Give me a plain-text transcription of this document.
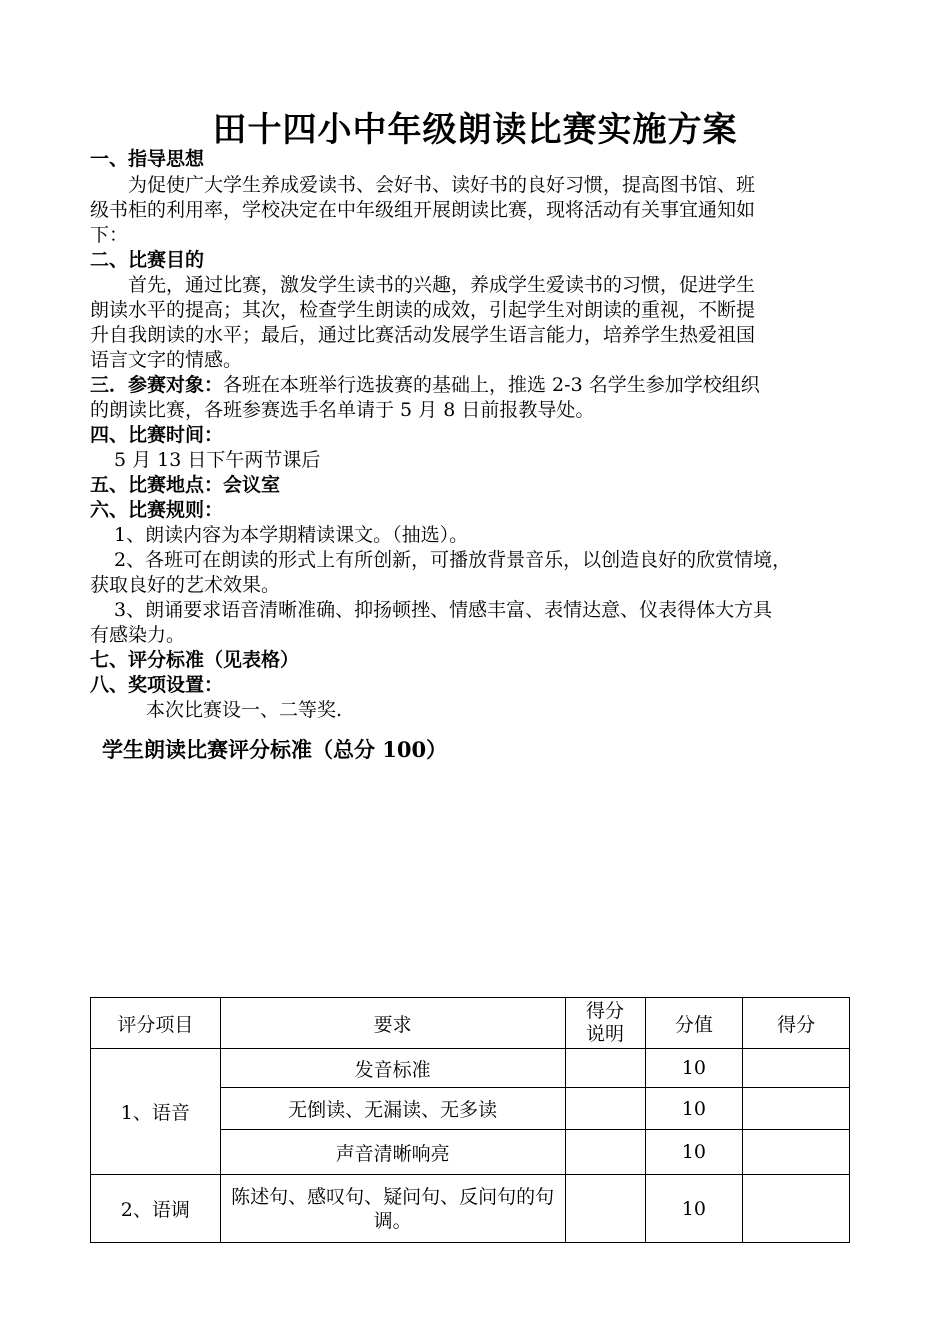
田十四小中年级朗读比赛实施方案
一、指导思想
为促使广大学生养成爱读书、会好书、读好书的良好习惯，提高图书馆、班
级书柜的利用率，学校决定在中年级组开展朗读比赛，现将活动有关事宜通知如
下：
二、比赛目的
首先，通过比赛，激发学生读书的兴趣，养成学生爱读书的习惯，促进学生
朗读水平的提高；其次，检查学生朗读的成效，引起学生对朗读的重视，不断提
升自我朗读的水平；最后，通过比赛活动发展学生语言能力，培养学生热爱祖国
语言文字的情感。
三．参赛对象：各班在本班举行选拔赛的基础上，推选 2-3 名学生参加学校组织
的朗读比赛，各班参赛选手名单请于 5 月 8 日前报教导处。
四、比赛时间：
5 月 13 日下午两节课后
五、比赛地点：会议室
六、比赛规则：
1、朗读内容为本学期精读课文。（抽选）。
2、各班可在朗读的形式上有所创新，可播放背景音乐，以创造良好的欣赏情境，
获取良好的艺术效果。
3、朗诵要求语音清晰准确、抑扬顿挫、情感丰富、表情达意、仪表得体大方具
有感染力。
七、评分标准（见表格）
八、奖项设置：
本次比赛设一、二等奖.
学生朗读比赛评分标准（总分 100）
评分项目	要求	得分说明	分值	得分
1、语音	发音标准		10	
	无倒读、无漏读、无多读		10	
	声音清晰响亮		10	
2、语调	陈述句、感叹句、疑问句、反问句的句调。		10	
